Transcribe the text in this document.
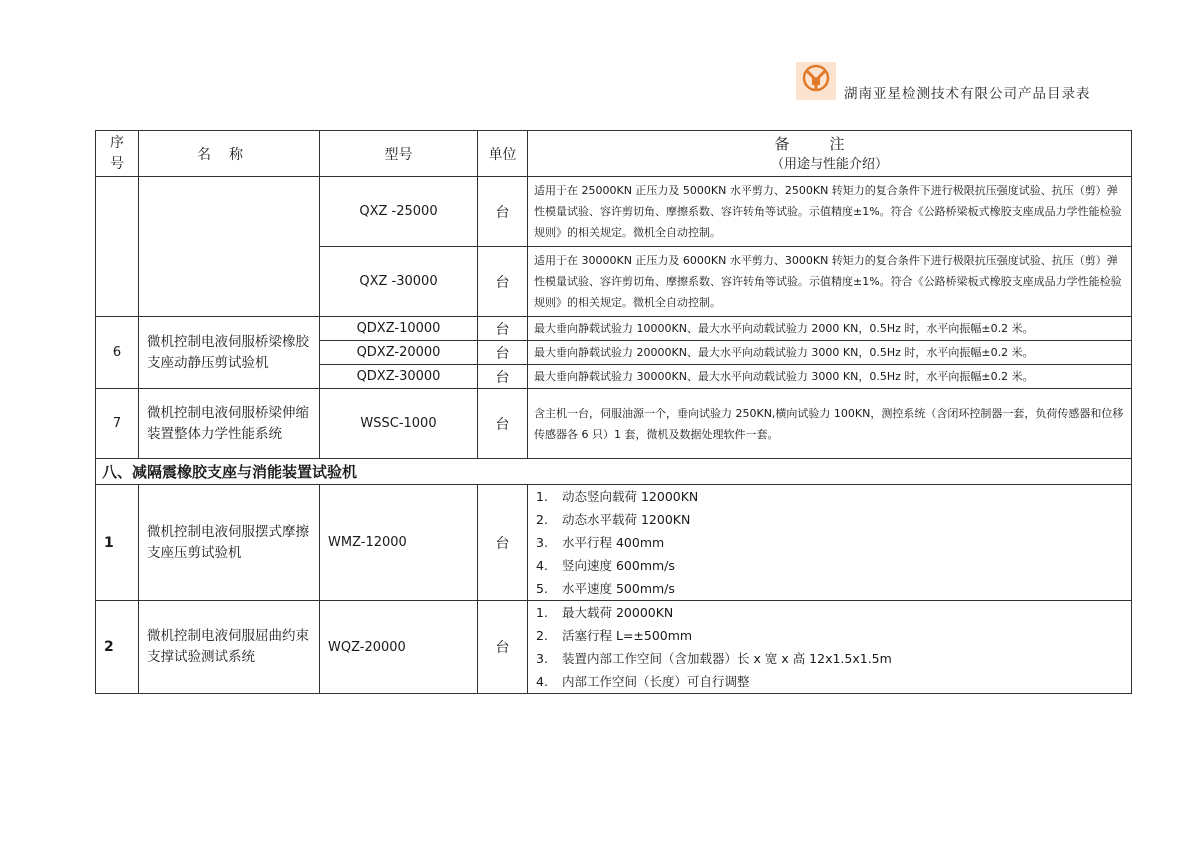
湖南亚星检测技术有限公司产品目录表
序号	名称	型号	单位	备注
（用途与性能介绍）

		QXZ -25000	台	适用于在 25000KN 正压力及 5000KN 水平剪力、2500KN 转矩力的复合条件下进行极限抗压强度试验、抗压（剪）弹性模量试验、容许剪切角、摩擦系数、容许转角等试验。示值精度±1%。符合《公路桥梁板式橡胶支座成品力学性能检验规则》的相关规定。微机全自动控制。
		QXZ -30000	台	适用于在 30000KN 正压力及 6000KN 水平剪力、3000KN 转矩力的复合条件下进行极限抗压强度试验、抗压（剪）弹性模量试验、容许剪切角、摩擦系数、容许转角等试验。示值精度±1%。符合《公路桥梁板式橡胶支座成品力学性能检验规则》的相关规定。微机全自动控制。
6	微机控制电液伺服桥梁橡胶支座动静压剪试验机	QDXZ-10000	台	最大垂向静载试验力 10000KN、最大水平向动载试验力 2000 KN，0.5Hz 时，水平向振幅±0.2 米。
		QDXZ-20000	台	最大垂向静载试验力 20000KN、最大水平向动载试验力 3000 KN，0.5Hz 时，水平向振幅±0.2 米。
		QDXZ-30000	台	最大垂向静载试验力 30000KN、最大水平向动载试验力 3000 KN，0.5Hz 时，水平向振幅±0.2 米。
7	微机控制电液伺服桥梁伸缩装置整体力学性能系统	WSSC-1000	台	含主机一台，伺服油源一个，垂向试验力 250KN,横向试验力 100KN，测控系统（含闭环控制器一套，负荷传感器和位移传感器各 6 只）1 套，微机及数据处理软件一套。
八、减隔震橡胶支座与消能装置试验机				
1	微机控制电液伺服摆式摩擦支座压剪试验机	WMZ-12000	台	1. 动态竖向载荷 12000KN
2. 动态水平载荷 1200KN
3. 水平行程 400mm
4. 竖向速度 600mm/s
5. 水平速度 500mm/s

2	微机控制电液伺服屈曲约束支撑试验测试系统	WQZ-20000	台	1. 最大载荷 20000KN
2. 活塞行程 L=±500mm
3. 装置内部工作空间（含加载器）长 x 宽 x 高 12x1.5x1.5m
4. 内部工作空间（长度）可自行调整
